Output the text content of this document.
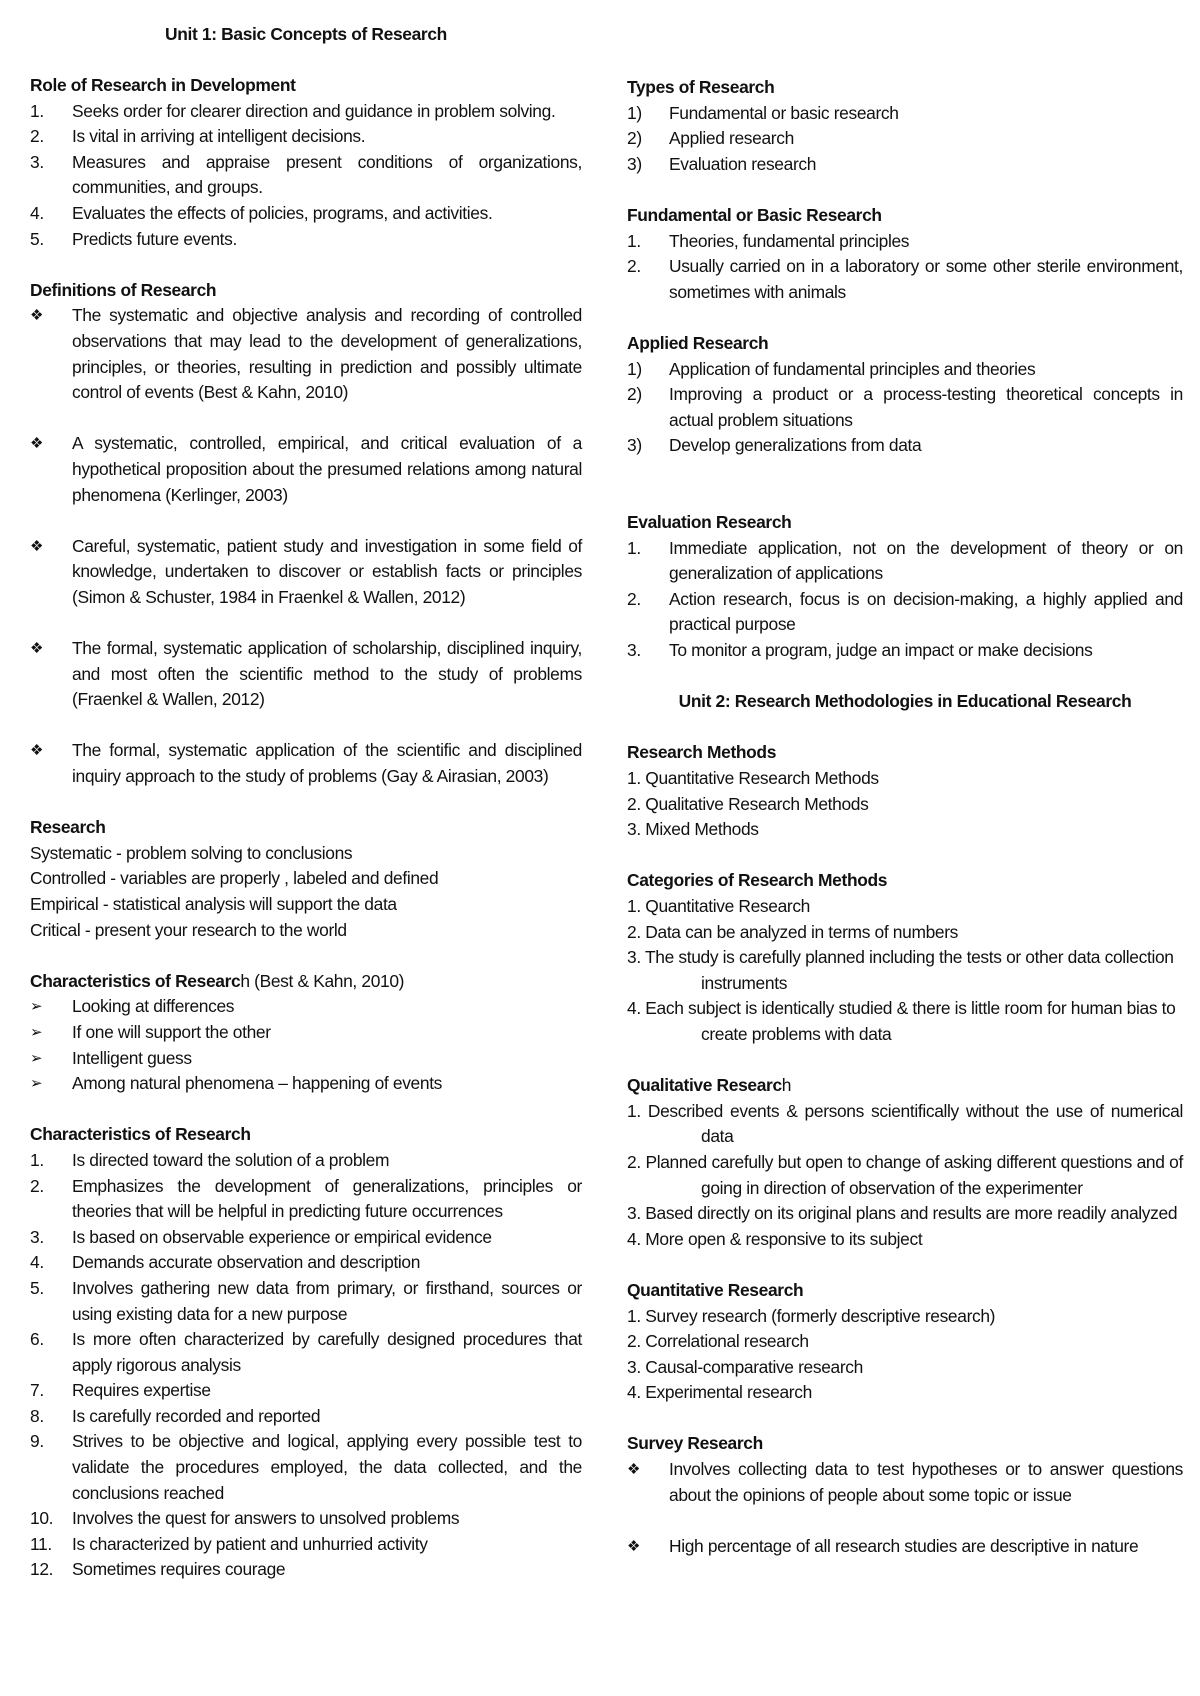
Unit 1: Basic Concepts of Research

Role of Research in Development

1.	Seeks order for clearer direction and guidance in problem solving.
2.	Is vital in arriving at intelligent decisions.
3.	Measures and appraise present conditions of organizations, communities, and groups.
4.	Evaluates the effects of policies, programs, and activities.
5.	Predicts future events.

Definitions of Research

❖	The systematic and objective analysis and recording of controlled observations that may lead to the development of generalizations, principles, or theories, resulting in prediction and possibly ultimate control of events (Best & Kahn, 2010)
❖	A systematic, controlled, empirical, and critical evaluation of a hypothetical proposition about the presumed relations among natural phenomena (Kerlinger, 2003)
❖	Careful, systematic, patient study and investigation in some field of knowledge, undertaken to discover or establish facts or principles (Simon & Schuster, 1984 in Fraenkel & Wallen, 2012)
❖	The formal, systematic application of scholarship, disciplined inquiry, and most often the scientific method to the study of problems (Fraenkel & Wallen, 2012)
❖	The formal, systematic application of the scientific and disciplined inquiry approach to the study of problems (Gay & Airasian, 2003)

Research

Systematic - problem solving to conclusions

Controlled - variables are properly , labeled and defined

Empirical - statistical analysis will support the data

Critical - present your research to the world

Characteristics of Research (Best & Kahn, 2010)

➢	Looking at differences
➢	If one will support the other
➢	Intelligent guess
➢	Among natural phenomena – happening of events

Characteristics of Research

1.	Is directed toward the solution of a problem
2.	Emphasizes the development of generalizations, principles or theories that will be helpful in predicting future occurrences
3.	Is based on observable experience or empirical evidence
4.	Demands accurate observation and description
5.	Involves gathering new data from primary, or firsthand, sources or using existing data for a new purpose
6.	Is more often characterized by carefully designed procedures that apply rigorous analysis
7.	Requires expertise
8.	Is carefully recorded and reported
9.	Strives to be objective and logical, applying every possible test to validate the procedures employed, the data collected, and the conclusions reached
10.	Involves the quest for answers to unsolved problems
11.	Is characterized by patient and unhurried activity
12.	Sometimes requires courage

Types of Research

1)	Fundamental or basic research
2)	Applied research
3)	Evaluation research

Fundamental or Basic Research

1.	Theories, fundamental principles
2.	Usually carried on in a laboratory or some other sterile environment, sometimes with animals

Applied Research

1)	Application of fundamental principles and theories
2)	Improving a product or a process-testing theoretical concepts in actual problem situations
3)	Develop generalizations from data

Evaluation Research

1.	Immediate application, not on the development of theory or on generalization of applications
2.	Action research, focus is on decision-making, a highly applied and practical purpose
3.	To monitor a program, judge an impact or make decisions

Unit 2: Research Methodologies in Educational Research

Research Methods

1. Quantitative Research Methods

2. Qualitative Research Methods

3. Mixed Methods

Categories of Research Methods

1. Quantitative Research

2. Data can be analyzed in terms of numbers

3. The study is carefully planned including the tests or other data collection instruments

4. Each subject is identically studied & there is little room for human bias to create problems with data

Qualitative Research

1. Described events & persons scientifically without the use of numerical data

2. Planned carefully but open to change of asking different questions and of going in direction of observation of the experimenter

3. Based directly on its original plans and results are more readily analyzed

4. More open & responsive to its subject

Quantitative Research

1. Survey research (formerly descriptive research)

2. Correlational research

3. Causal-comparative research

4. Experimental research

Survey Research

❖	Involves collecting data to test hypotheses or to answer questions about the opinions of people about some topic or issue
❖	High percentage of all research studies are descriptive in nature
